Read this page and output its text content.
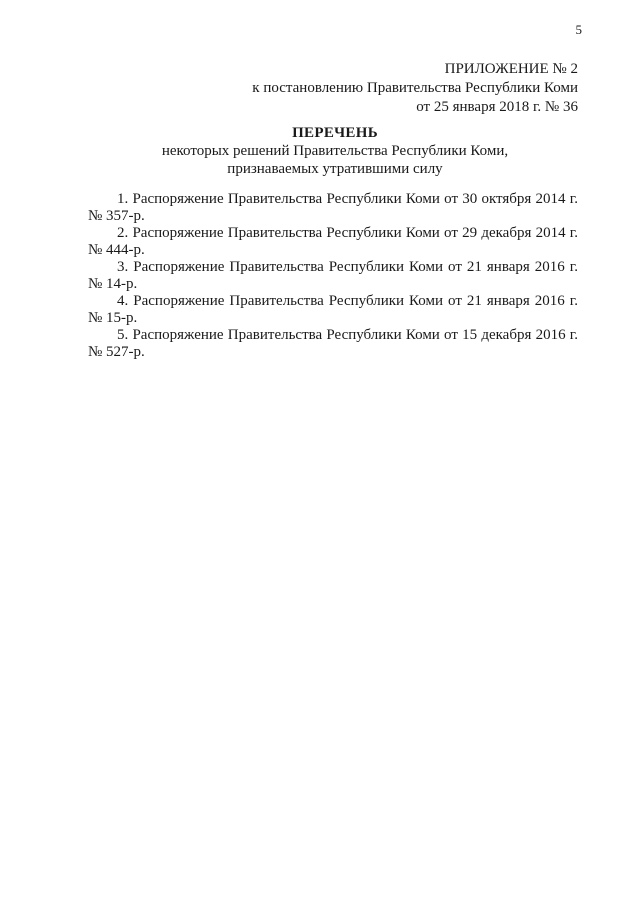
5
ПРИЛОЖЕНИЕ № 2
к постановлению Правительства Республики Коми
от 25 января 2018 г. № 36
ПЕРЕЧЕНЬ
некоторых решений Правительства Республики Коми,
признаваемых утратившими силу

1. Распоряжение Правительства Республики Коми от 30 октября 2014 г.
№ 357-р.

2. Распоряжение Правительства Республики Коми от 29 декабря 2014 г.
№ 444-р.

3. Распоряжение Правительства Республики Коми от 21 января 2016 г.
№ 14-р.

4. Распоряжение Правительства Республики Коми от 21 января 2016 г.
№ 15-р.

5. Распоряжение Правительства Республики Коми от 15 декабря 2016 г.
№ 527-р.
